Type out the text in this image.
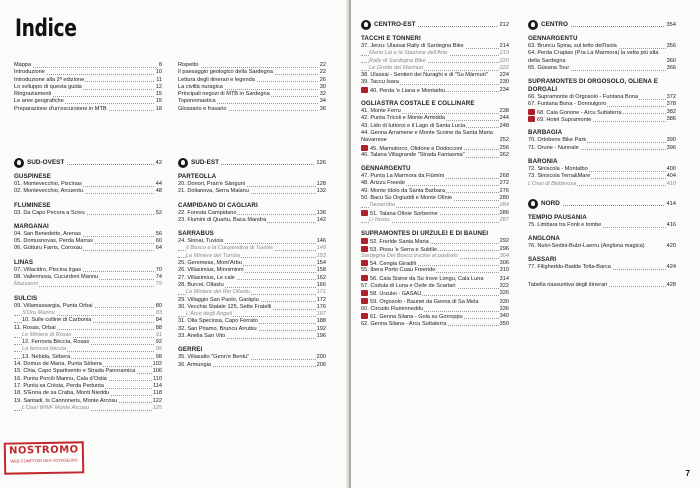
Indice
Mappa	8
Introduzione	10
Introduzione alla 2ª edizione	11
Lo sviluppo di questa guida	12
Ringraziamenti	15
Le aree geografiche	15
Preparazione d'un'escursione in MTB	18
Rispetto	22
Il paesaggio geologico della Sardegna	22
Lettura degli itinerari e legenda	26
La civiltà nuragica	30
Principali negozi di MTB in Sardegna	32
Toponomastica	34
Glossario e frasario	36
SUD-OVEST	42
GUSPINESE
01. Montevecchio, Piscinas	44
02. Montevecchio, Arcuentu	48
FLUMINESE
03. Da Capo Pecora a Scivu	52
MARGANAI
04. San Benedetto, Arenas	56
05. Domusnovas, Perda Marras	60
06. Gùtturu Farris, Coroxau	64
LINAS
07. Villacidro, Piscina Irgas	70
08. Vallermosa, Cucurdoni Mannu	74
Mazzanni	79
SULCIS
09. Villamassargia, Punta Orbai	80
S'Oru Mannu	83
10. Sulle colline di Carbonia	84
11. Rosas, Orbai	88
Le Miniere di Rosas	91
12. Ferrovia Bèccia, Rosas	92
La ferrovia bèccia	95
13. Nebida, Sèbera	98
14. Domus de Maria, Punta Sèbera	102
15. Chia, Capo Spartivento e Strada Panoramica	106
16. Punta Porcili Mannu, Cala d'Ostia	110
17. Punta sa Crèsia, Perda Pertunta	114
18. S'Enna de sa Craba, Monti Nieddu	118
19. Santadi, Is Cannoneris, Monte Arcosu	122
L'Oasi WWF Monte Arcosu	125
SUD-EST	126
PARTEOLLA
20. Donori, Pran'e Sànguni	128
21. Dolianova, Serra Malanu	132
CAMPIDANO DI CAGLIARI
22. Foresta Campidano	136
23. Flumini di Quartu, Baca Mandra	142
SARRABUS
24. Sinnai, Tuviois	146
Il Bosco e la Cooperativa di Tuviois	149
Le Miniere del Turràia	153
25. Geremeas, Mont'Arbu	154
26. Villasimius, Minniminni	158
27. Villasimius, Le cale	162
28. Burcei, Ollastu	166
Le Miniere del Rio Ollastu	171
29. Villaggio San Paolo, Garàpiu	172
30. Vecchia Statale 125, Sette Fratelli	176
L'Arco degli Angeli	187
31. Olia Speciosa, Capo Ferrato	188
32. San Priamo, Bruncu Arrubiu	192
33. Anelia San Vito	196
GERREI
35. Villasalto "Genn'e Bentu"	200
36. Armungia	206
NOSTROMO
WEB COMPTOIR DES VOYAGEURS
CENTRO-EST	212
TACCHI E TONNERI
37. Jerzu: Ulassai Rally di Sardegna Bike	214
Maria Lai e la Stazione dell'Arte	219
Rally di Sardegna Bike	220
Le Grotte dei Marmuri	222
38. Ulassai - Sentieri dei Nuraghi e di "Su Màrmuri"	224
39. Taccu Isara	230
40. Perda 'e Liana e Montarbu	234
OGLIASTRA COSTALE E COLLINARE
41. Monte Ferru	238
42. Punta Tricoli e Monte Armidda	244
43. Lido di Iuttoroi e il Lago di Santa Lucia	248
44. Genna Arramene e Monte Scoine da Santa Maria Navarrese	252
45. Mamutorco, Olidone e Dodocconi	256
46. Talana Villagrande "Strada Fantasma"	262
GENNARGENTU
47. Punta La Marmora da Fiùmini	268
48. Arizzu Freede	272
49. Monte Idolo da Santa Barbara	276
50. Bacu Su Orgiuddi e Monte Olìnie	280
Tavoerìthe	284
51. Talana Olìnie Sorberine	286
Li Nostu	287
SUPRAMONTES DI URZULEI E DI BAUNEI
52. Freride Santa Maria	292
53. Pissu 'e Serra e Suldile	296
Sardegna Dei Bosco truckei al pastralo	304
54. Cengia Giradili	306
55. Ibera Porto Cuau Freeride	310
56. Cala Sisine da Su Irove Longu, Cala Luna	314
57. Codula di Luna e Ovile de Scartari	322
58. Urzulei - GASAU	326
59. Orgosolo - Baunei da Genna di Sa Mela	330
60. Circuito Fluminneddu	336
61. Genna Silana - Gola su Gorroppu	340
62. Genna Silana - Arcu Suttaterra	350
CENTRO	354
GENNARGENTU
63. Bruncu Spina, sul tetto dell'Isola	356
64. Perda Crapias (P.ta La Marmora) la vetta più alta della Sardegna	360
65. Gùsana Tour	366
SUPRAMONTES DI ORGOSOLO, OLIENA E DORGALI
66. Supramonte di Orgosolo - Funtana Bona	372
67. Funtana Bona - Donnulgoro	378
68. Cala Gonone - Arcu Suttaterra	382
69. Hotel Supramonte	386
BARBAGIA
70. Ortobene Bike Park	390
71. Orune - Nunnale	396
BARONIA
72. Siniscola - Montalbo	400
73. Siniscola Terra&Mare	404
L'Oasi di Bidderosa	410
NORD	414
TEMPIO PAUSANIA
75. Limbara tra Fonti e tombe	416
ANGLONA
76. Nulvi-Sedini-Bulzi-Laerru (Anglona magica)	420
SASSARI
77. Filigheddu-Badde Tolta-Barca	424
Tabella riassuntiva degli itinerari	428
7
